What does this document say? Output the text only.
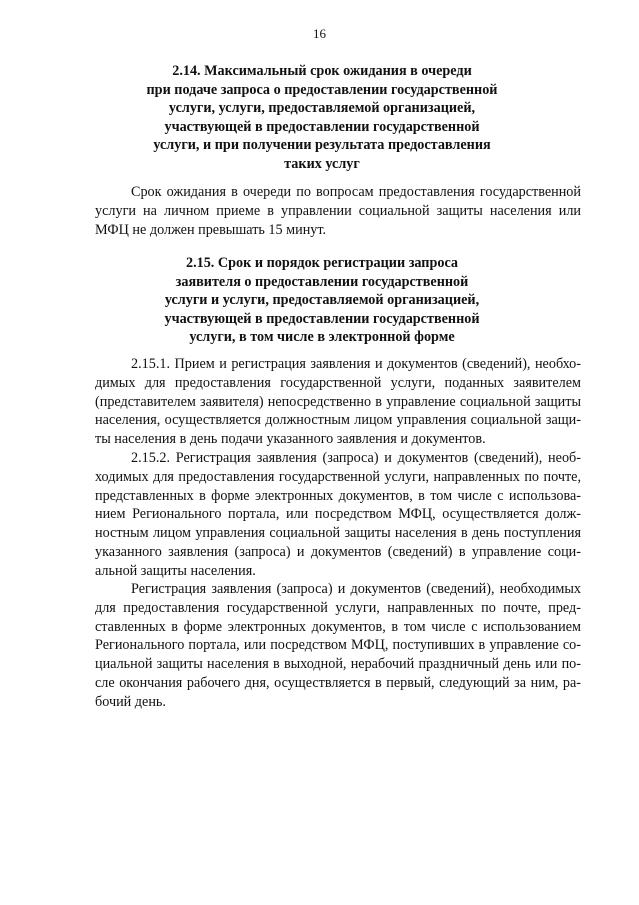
16
2.14. Максимальный срок ожидания в очереди
при подаче запроса о предоставлении государственной
услуги, услуги, предоставляемой организацией,
участвующей в предоставлении государственной
услуги, и при получении результата предоставления
таких услуг
Срок ожидания в очереди по вопросам предоставления государственной
услуги на личном приеме в управлении социальной защиты населения или
МФЦ не должен превышать 15 минут.
2.15. Срок и порядок регистрации запроса
заявителя о предоставлении государственной
услуги и услуги, предоставляемой организацией,
участвующей в предоставлении государственной
услуги, в том числе в электронной форме
2.15.1. Прием и регистрация заявления и документов (сведений), необхо-
димых для предоставления государственной услуги, поданных заявителем
(представителем заявителя) непосредственно в управление социальной защиты
населения, осуществляется должностным лицом управления социальной защи-
ты населения в день подачи указанного заявления и документов.
2.15.2. Регистрация заявления (запроса) и документов (сведений), необ-
ходимых для предоставления государственной услуги, направленных по почте,
представленных в форме электронных документов, в том числе с использова-
нием Регионального портала, или посредством МФЦ, осуществляется долж-
ностным лицом управления социальной защиты населения в день поступления
указанного заявления (запроса) и документов (сведений) в управление соци-
альной защиты населения.
Регистрация заявления (запроса) и документов (сведений), необходимых
для предоставления государственной услуги, направленных по почте, пред-
ставленных в форме электронных документов, в том числе с использованием
Регионального портала, или посредством МФЦ, поступивших в управление со-
циальной защиты населения в выходной, нерабочий праздничный день или по-
сле окончания рабочего дня, осуществляется в первый, следующий за ним, ра-
бочий день.
